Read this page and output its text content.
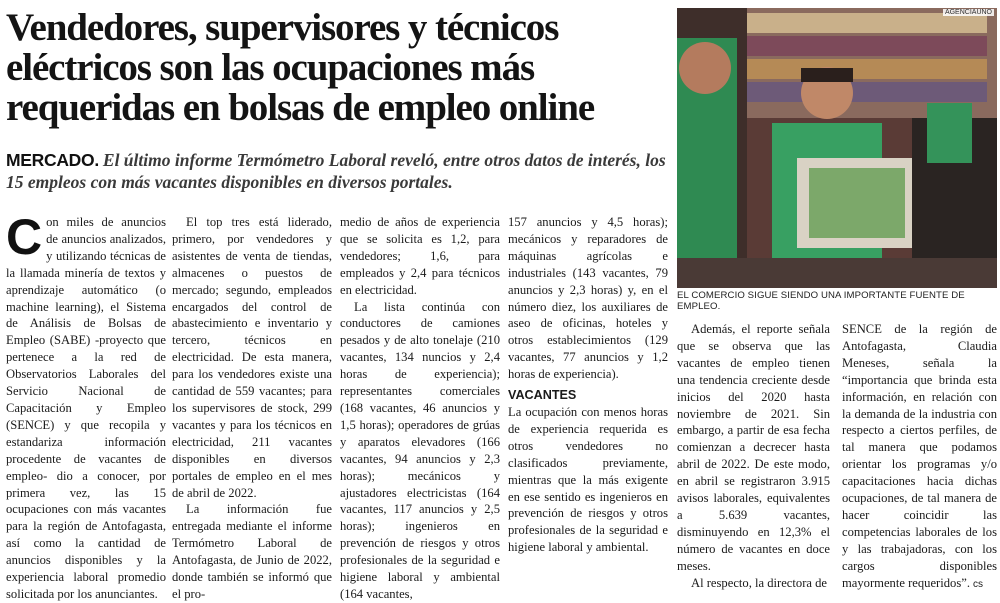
Vendedores, supervisores y técnicos eléctricos son las ocupaciones más requeridas en bolsas de empleo online

MERCADO. El último informe Termómetro Laboral reveló, entre otros datos de interés, los 15 empleos con más vacantes disponibles en diversos portales.

AGENCIAUNO

EL COMERCIO SIGUE SIENDO UNA IMPORTANTE FUENTE DE EMPLEO.

Con miles de anuncios de anuncios analizados, y utilizando técnicas de la llamada minería de textos y aprendizaje automático (o machine learning), el Sistema de Análisis de Bolsas de Empleo (SABE) -proyecto que pertenece a la red de Observatorios Laborales del Servicio Nacional de Capacitación y Empleo (SENCE) y que recopila y estandariza información procedente de vacantes de empleo- dio a conocer, por primera vez, las 15 ocupaciones con más vacantes para la región de Antofagasta, así como la cantidad de anuncios disponibles y la experiencia laboral promedio solicitada por los anunciantes.

El top tres está liderado, primero, por vendedores y asistentes de venta de tiendas, almacenes o puestos de mercado; segundo, empleados encargados del control de abastecimiento e inventario y tercero, técnicos en electricidad. De esta manera, para los vendedores existe una cantidad de 559 vacantes; para los supervisores de stock, 299 vacantes y para los técnicos en electricidad, 211 vacantes disponibles en diversos portales de empleo en el mes de abril de 2022.

La información fue entregada mediante el informe Termómetro Laboral de Antofagasta, de Junio de 2022, donde también se informó que el pro-

medio de años de experiencia que se solicita es 1,2, para vendedores; 1,6, para empleados y 2,4 para técnicos en electricidad.

La lista continúa con conductores de camiones pesados y de alto tonelaje (210 vacantes, 134 nuncios y 2,4 horas de experiencia); representantes comerciales (168 vacantes, 46 anuncios y 1,5 horas); operadores de grúas y aparatos elevadores (166 vacantes, 94 anuncios y 2,3 horas); mecánicos y ajustadores electricistas (164 vacantes, 117 anuncios y 2,5 horas); ingenieros en prevención de riesgos y otros profesionales de la seguridad e higiene laboral y ambiental (164 vacantes,

157 anuncios y 4,5 horas); mecánicos y reparadores de máquinas agrícolas e industriales (143 vacantes, 79 anuncios y 2,3 horas) y, en el número diez, los auxiliares de aseo de oficinas, hoteles y otros establecimientos (129 vacantes, 77 anuncios y 1,2 horas de experiencia).

VACANTES

La ocupación con menos horas de experiencia requerida es otros vendedores no clasificados previamente, mientras que la más exigente en ese sentido es ingenieros en prevención de riesgos y otros profesionales de la seguridad e higiene laboral y ambiental.

Además, el reporte señala que se observa que las vacantes de empleo tienen una tendencia creciente desde inicios del 2020 hasta noviembre de 2021. Sin embargo, a partir de esa fecha comienzan a decrecer hasta abril de 2022. De este modo, en abril se registraron 3.915 avisos laborales, equivalentes a 5.639 vacantes, disminuyendo en 12,3% el número de vacantes en doce meses.

Al respecto, la directora de

SENCE de la región de Antofagasta, Claudia Meneses, señala la “importancia que brinda esta información, en relación con la demanda de la industria con respecto a ciertos perfiles, de tal manera que podamos orientar los programas y/o capacitaciones hacia dichas ocupaciones, de tal manera de hacer coincidir las competencias laborales de los y las trabajadoras, con los cargos disponibles mayormente requeridos”. cs
